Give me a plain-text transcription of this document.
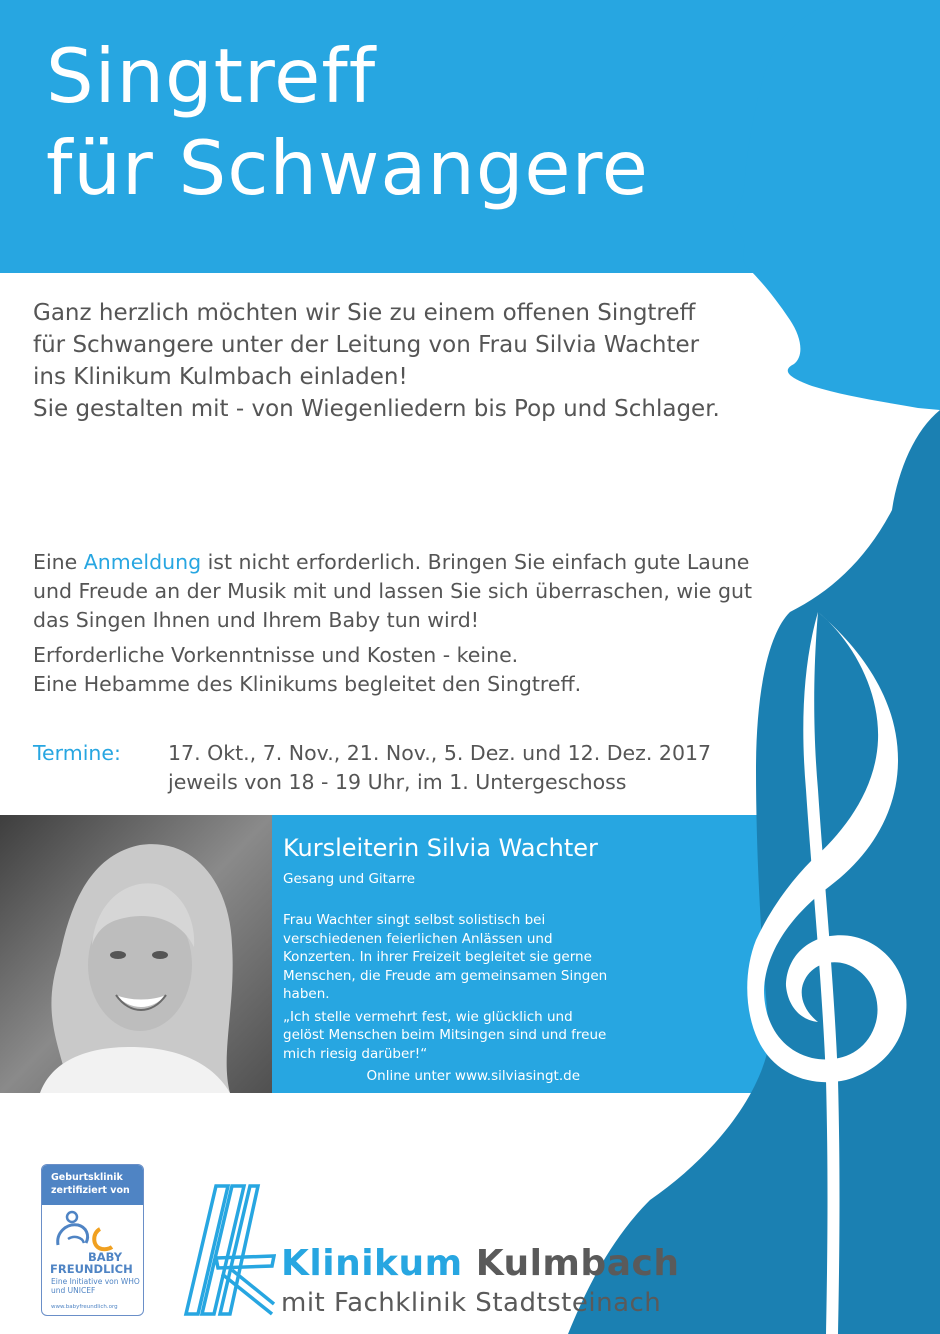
Singtreff
für Schwangere

Ganz herzlich möchten wir Sie zu einem offenen Singtreff

für Schwangere unter der Leitung von Frau Silvia Wachter

ins Klinikum Kulmbach einladen!

Sie gestalten mit - von Wiegenliedern bis Pop und Schlager.

Eine Anmeldung ist nicht erforderlich. Bringen Sie einfach gute Laune

und Freude an der Musik mit und lassen Sie sich überraschen, wie gut

das Singen Ihnen und Ihrem Baby tun wird!

Erforderliche Vorkenntnisse und Kosten - keine.

Eine Hebamme des Klinikums begleitet den Singtreff.

Termine: 17. Okt., 7. Nov., 21. Nov., 5. Dez. und 12. Dez. 2017

jeweils von 18 - 19 Uhr, im 1. Untergeschoss

Kursleiterin Silvia Wachter
Gesang und Gitarre
Frau Wachter singt selbst solistisch bei verschiedenen feierlichen Anlässen und Konzerten. In ihrer Freizeit begleitet sie gerne Menschen, die Freude am gemeinsamen Singen haben.
„Ich stelle vermehrt fest, wie glücklich und gelöst Menschen beim Mitsingen sind und freue mich riesig darüber!“
Online unter www.silviasingt.de
Geburtsklinik
zertifiziert von
BABY
FREUNDLICH
Eine Initiative von WHO
und UNICEF
www.babyfreundlich.org
Klinikum Kulmbach
mit Fachklinik Stadtsteinach
